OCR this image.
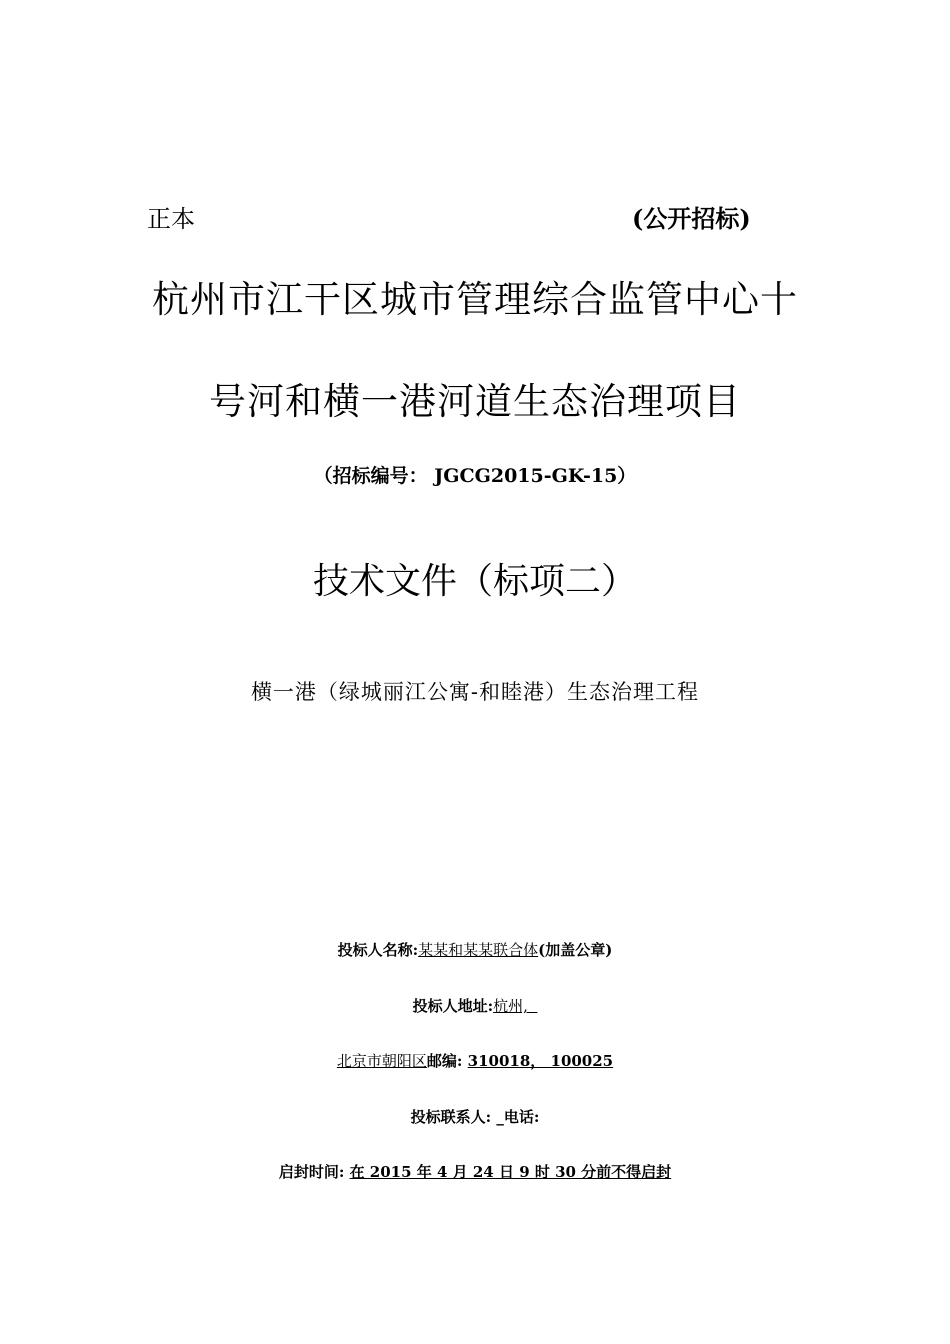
正本	(公开招标)
杭州市江干区城市管理综合监管中心十
号河和横一港河道生态治理项目
（招标编号： JGCG2015-GK-15）
技术文件（标项二）
横一港（绿城丽江公寓-和睦港）生态治理工程
投标人名称:某某和某某联合体(加盖公章)
投标人地址:杭州,
北京市朝阳区邮编: 310018， 100025
投标联系人: _电话:
启封时间: 在 2015 年 4 月 24 日 9 时 30 分前不得启封
